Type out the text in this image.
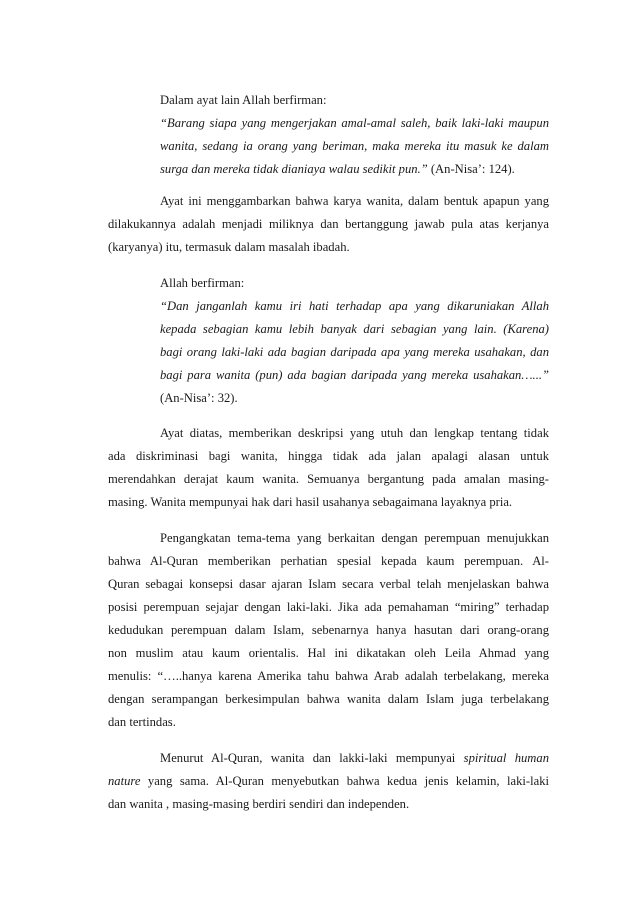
Dalam ayat lain Allah berfirman:
“Barang siapa yang mengerjakan amal-amal saleh, baik laki-laki maupun
wanita, sedang ia orang yang beriman, maka mereka itu masuk ke dalam
surga dan mereka tidak dianiaya walau sedikit pun.” (An-Nisa’: 124).
Ayat ini menggambarkan bahwa karya wanita, dalam bentuk apapun yang
dilakukannya adalah menjadi miliknya dan bertanggung jawab pula atas kerjanya
(karyanya) itu, termasuk dalam masalah ibadah.
Allah berfirman:
“Dan janganlah kamu iri hati terhadap apa yang dikaruniakan Allah
kepada sebagian kamu lebih banyak dari sebagian yang lain. (Karena)
bagi orang laki-laki ada bagian daripada apa yang mereka usahakan, dan
bagi para wanita (pun) ada bagian daripada yang mereka usahakan…...”
(An-Nisa’: 32).
Ayat diatas, memberikan deskripsi yang utuh dan lengkap tentang tidak
ada diskriminasi bagi wanita, hingga tidak ada jalan apalagi alasan untuk
merendahkan derajat kaum wanita. Semuanya bergantung pada amalan masing-
masing. Wanita mempunyai hak dari hasil usahanya sebagaimana layaknya pria.
Pengangkatan tema-tema yang berkaitan dengan perempuan menujukkan
bahwa Al-Quran memberikan perhatian spesial kepada kaum perempuan. Al-
Quran sebagai konsepsi dasar ajaran Islam secara verbal telah menjelaskan bahwa
posisi perempuan sejajar dengan laki-laki. Jika ada pemahaman “miring” terhadap
kedudukan perempuan dalam Islam, sebenarnya hanya hasutan dari orang-orang
non muslim atau kaum orientalis. Hal ini dikatakan oleh Leila Ahmad yang
menulis: “…..hanya karena Amerika tahu bahwa Arab adalah terbelakang, mereka
dengan serampangan berkesimpulan bahwa wanita dalam Islam juga terbelakang
dan tertindas.
Menurut Al-Quran, wanita dan lakki-laki mempunyai spiritual human
nature yang sama. Al-Quran menyebutkan bahwa kedua jenis kelamin, laki-laki
dan wanita , masing-masing berdiri sendiri dan independen.
